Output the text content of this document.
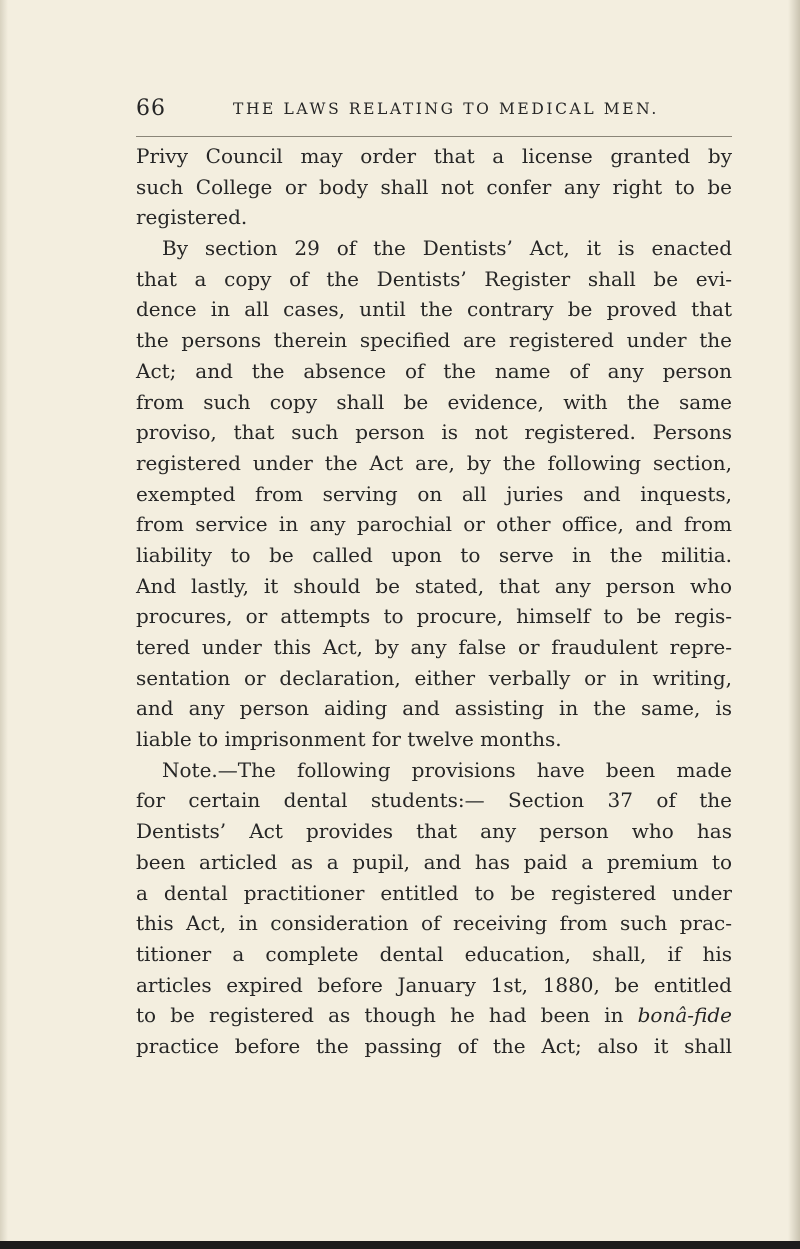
66	THE LAWS RELATING TO MEDICAL MEN.
Privy Council may order that a license granted by
such College or body shall not confer any right to be
registered.
By section 29 of the Dentists’ Act, it is enacted
that a copy of the Dentists’ Register shall be evi-
dence in all cases, until the contrary be proved that
the persons therein specified are registered under the
Act; and the absence of the name of any person
from such copy shall be evidence, with the same
proviso, that such person is not registered. Persons
registered under the Act are, by the following section,
exempted from serving on all juries and inquests,
from service in any parochial or other office, and from
liability to be called upon to serve in the militia.
And lastly, it should be stated, that any person who
procures, or attempts to procure, himself to be regis-
tered under this Act, by any false or fraudulent repre-
sentation or declaration, either verbally or in writing,
and any person aiding and assisting in the same, is
liable to imprisonment for twelve months.
Note.—The following provisions have been made
for certain dental students:— Section 37 of the
Dentists’ Act provides that any person who has
been articled as a pupil, and has paid a premium to
a dental practitioner entitled to be registered under
this Act, in consideration of receiving from such prac-
titioner a complete dental education, shall, if his
articles expired before January 1st, 1880, be entitled
to be registered as though he had been in bonâ-fide
practice before the passing of the Act; also it shall
